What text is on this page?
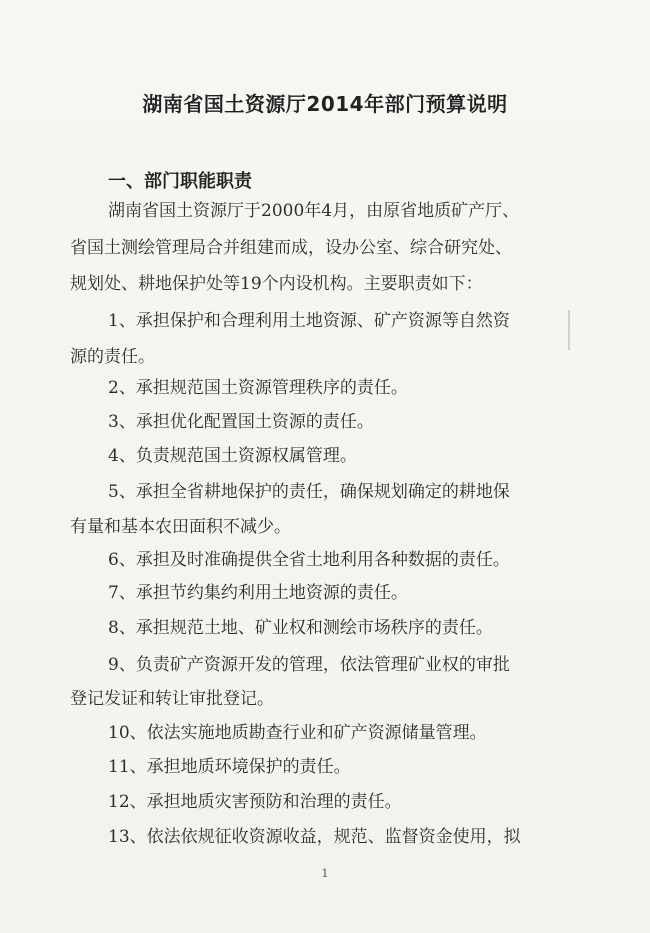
湖南省国土资源厅2014年部门预算说明
一、部门职能职责
湖南省国土资源厅于2000年4月，由原省地质矿产厅、
省国土测绘管理局合并组建而成，设办公室、综合研究处、
规划处、耕地保护处等19个内设机构。主要职责如下：
1、承担保护和合理利用土地资源、矿产资源等自然资
源的责任。
2、承担规范国土资源管理秩序的责任。
3、承担优化配置国土资源的责任。
4、负责规范国土资源权属管理。
5、承担全省耕地保护的责任，确保规划确定的耕地保
有量和基本农田面积不减少。
6、承担及时准确提供全省土地利用各种数据的责任。
7、承担节约集约利用土地资源的责任。
8、承担规范土地、矿业权和测绘市场秩序的责任。
9、负责矿产资源开发的管理，依法管理矿业权的审批
登记发证和转让审批登记。
10、依法实施地质勘查行业和矿产资源储量管理。
11、承担地质环境保护的责任。
12、承担地质灾害预防和治理的责任。
13、依法依规征收资源收益，规范、监督资金使用，拟
1
